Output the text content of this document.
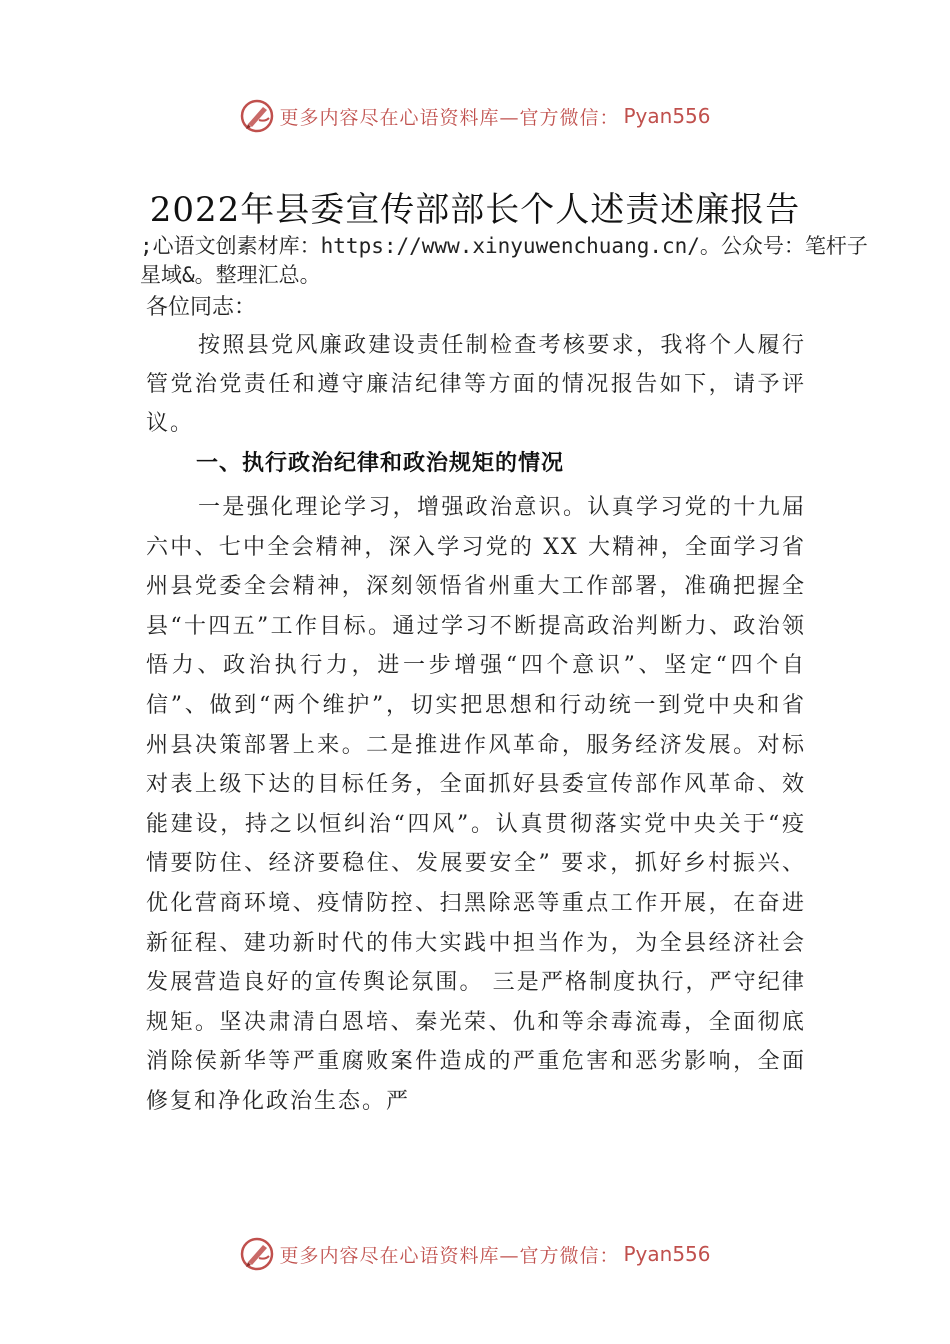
更多内容尽在心语资料库—官方微信： Pyan556
2022年县委宣传部部长个人述责述廉报告
;心语文创素材库：https://www.xinyuwenchuang.cn/。公众号：笔杆子星域&。整理汇总。
各位同志：

按照县党风廉政建设责任制检查考核要求，我将个人履行管党治党责任和遵守廉洁纪律等方面的情况报告如下，请予评议。

一、执行政治纪律和政治规矩的情况

一是强化理论学习，增强政治意识。认真学习党的十九届六中、七中全会精神，深入学习党的 XX 大精神，全面学习省州县党委全会精神，深刻领悟省州重大工作部署，准确把握全县“十四五”工作目标。通过学习不断提高政治判断力、政治领悟力、政治执行力，进一步增强“四个意识”、坚定“四个自信”、做到“两个维护”，切实把思想和行动统一到党中央和省州县决策部署上来。二是推进作风革命，服务经济发展。对标对表上级下达的目标任务，全面抓好县委宣传部作风革命、效能建设，持之以恒纠治“四风”。认真贯彻落实党中央关于“疫情要防住、经济要稳住、发展要安全” 要求，抓好乡村振兴、优化营商环境、疫情防控、扫黑除恶等重点工作开展，在奋进新征程、建功新时代的伟大实践中担当作为，为全县经济社会发展营造良好的宣传舆论氛围。 三是严格制度执行，严守纪律规矩。坚决肃清白恩培、秦光荣、仇和等余毒流毒，全面彻底消除侯新华等严重腐败案件造成的严重危害和恶劣影响，全面修复和净化政治生态。严

更多内容尽在心语资料库—官方微信： Pyan556
